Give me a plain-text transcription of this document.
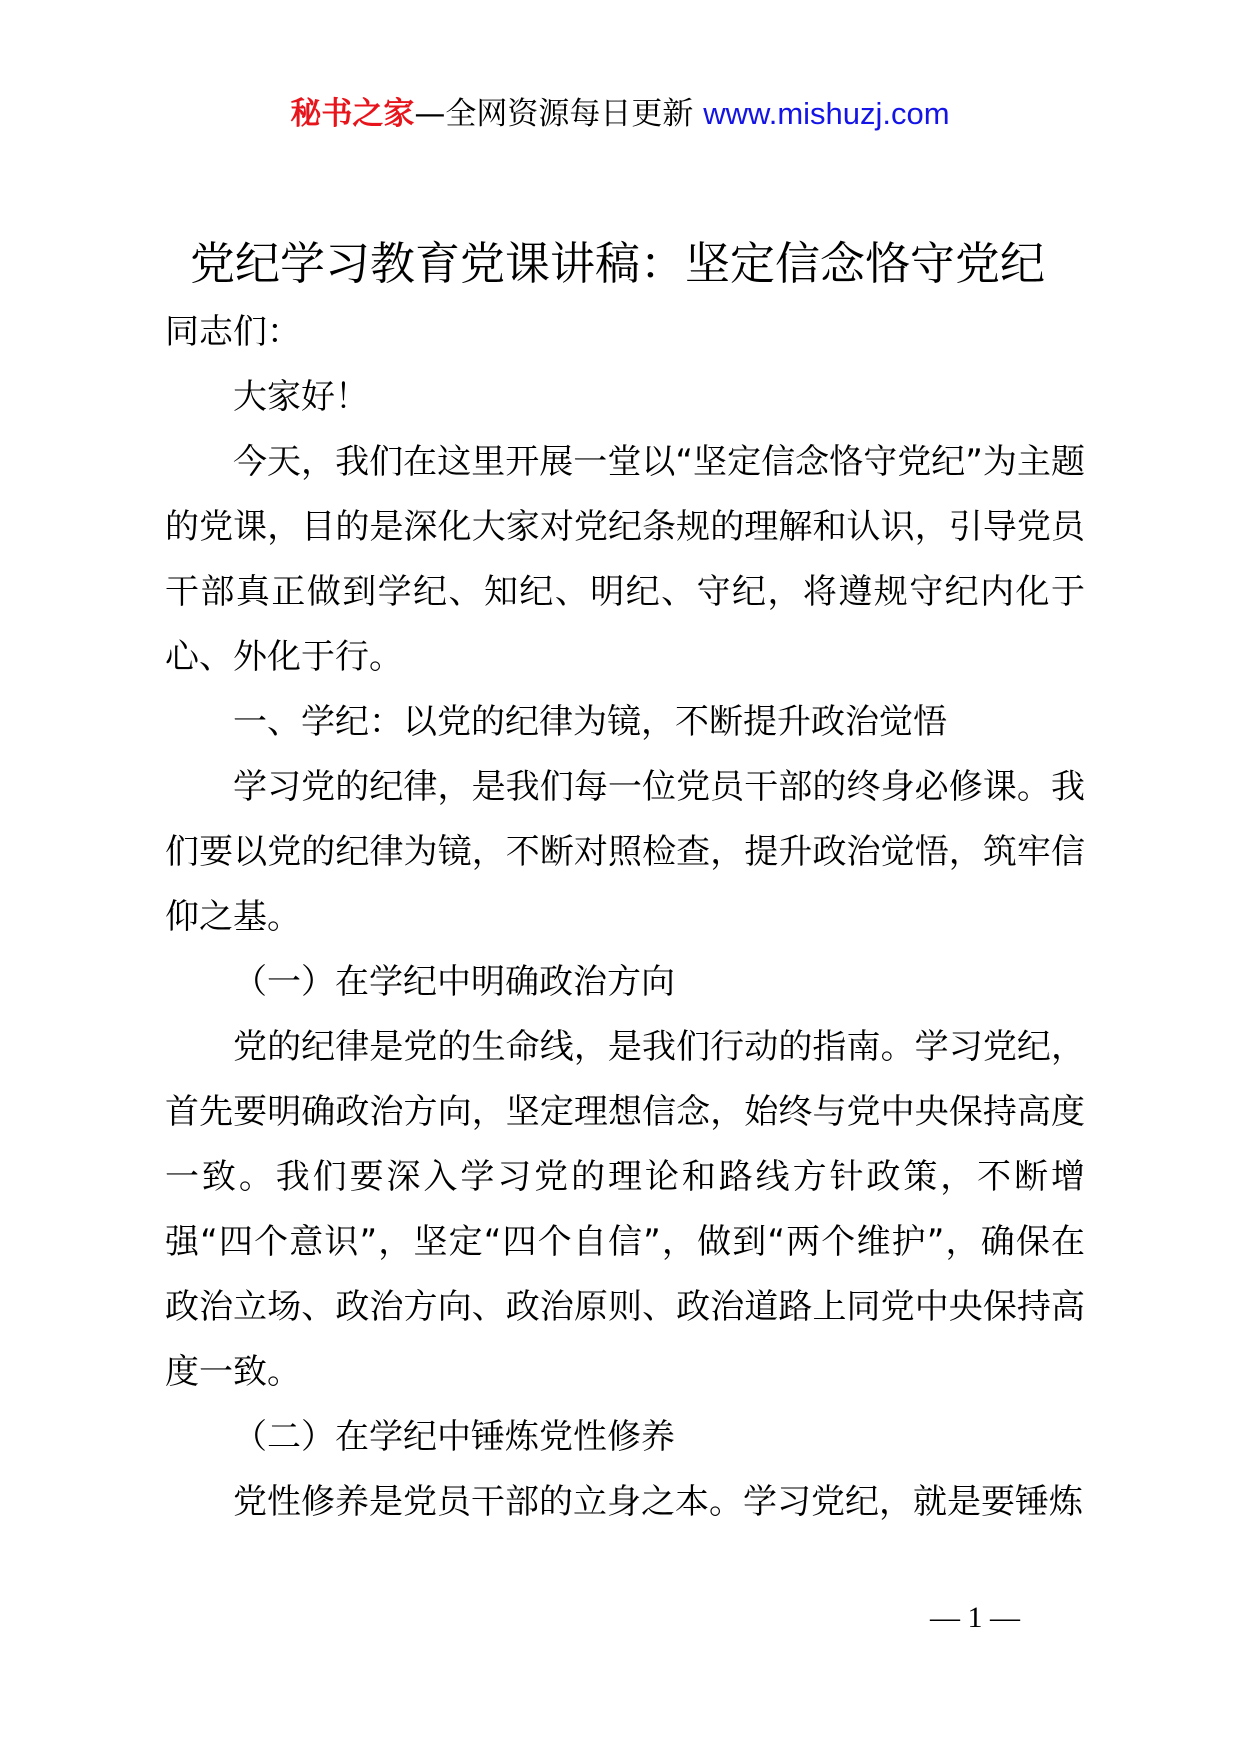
秘书之家—全网资源每日更新 www.mishuzj.com
党纪学习教育党课讲稿：坚定信念恪守党纪

同志们：

大家好！

今天，我们在这里开展一堂以“坚定信念恪守党纪”为主题的党课，目的是深化大家对党纪条规的理解和认识，引导党员干部真正做到学纪、知纪、明纪、守纪，将遵规守纪内化于心、外化于行。

一、学纪：以党的纪律为镜，不断提升政治觉悟

学习党的纪律，是我们每一位党员干部的终身必修课。我们要以党的纪律为镜，不断对照检查，提升政治觉悟，筑牢信仰之基。

（一）在学纪中明确政治方向

党的纪律是党的生命线，是我们行动的指南。学习党纪，首先要明确政治方向，坚定理想信念，始终与党中央保持高度一致。我们要深入学习党的理论和路线方针政策，不断增强“四个意识”，坚定“四个自信”，做到“两个维护”，确保在政治立场、政治方向、政治原则、政治道路上同党中央保持高度一致。

（二）在学纪中锤炼党性修养

党性修养是党员干部的立身之本。学习党纪，就是要锤炼

— 1 —
